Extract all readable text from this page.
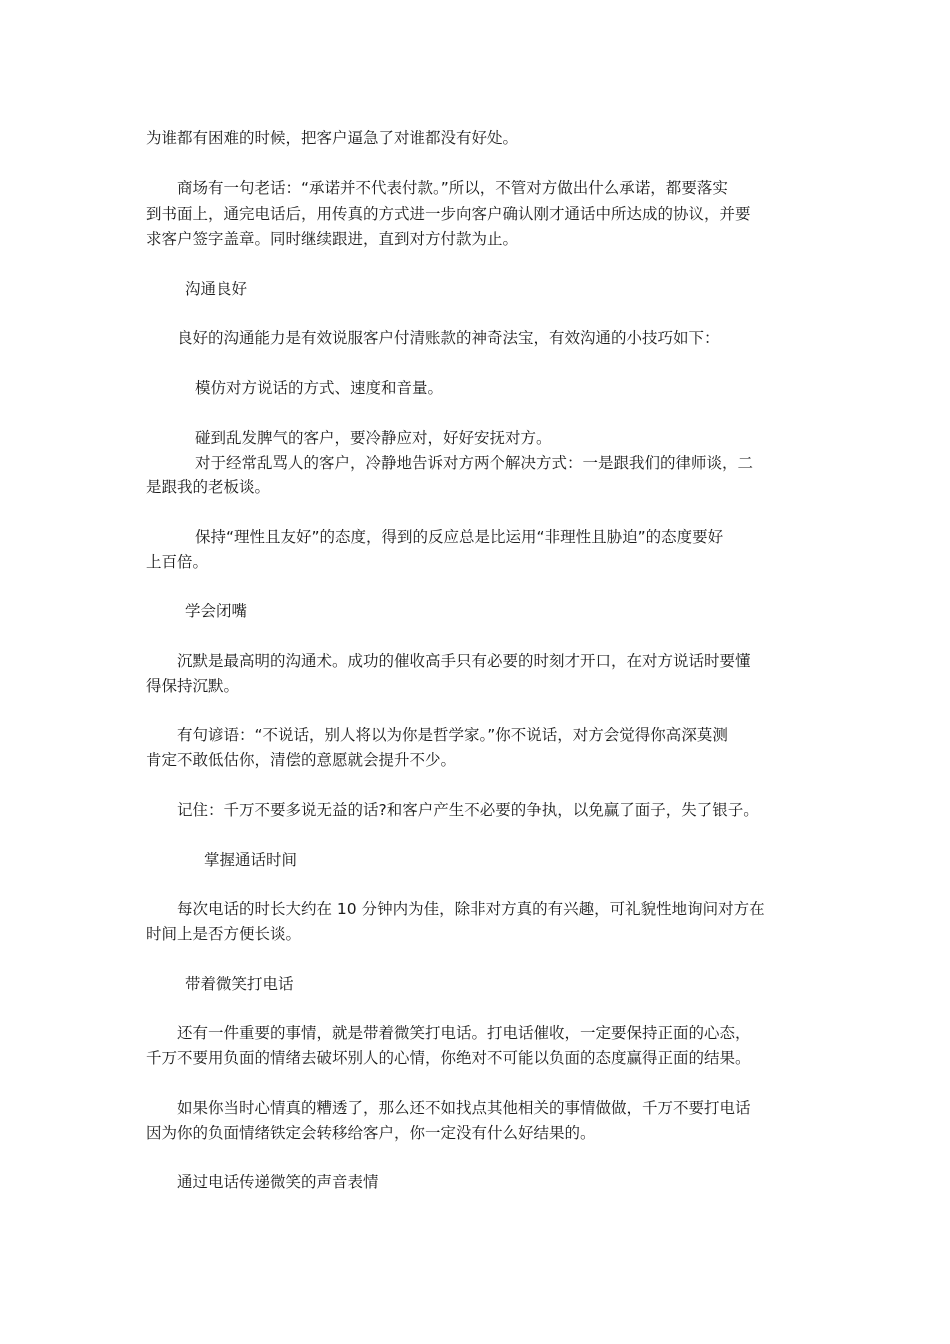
为谁都有困难的时候，把客户逼急了对谁都没有好处。
商场有一句老话：“承诺并不代表付款。”所以，不管对方做出什么承诺，都要落实
到书面上，通完电话后，用传真的方式进一步向客户确认刚才通话中所达成的协议，并要
求客户签字盖章。同时继续跟进，直到对方付款为止。
沟通良好
良好的沟通能力是有效说服客户付清账款的神奇法宝，有效沟通的小技巧如下：
模仿对方说话的方式、速度和音量。
碰到乱发脾气的客户，要冷静应对，好好安抚对方。
对于经常乱骂人的客户，冷静地告诉对方两个解决方式：一是跟我们的律师谈，二
是跟我的老板谈。
保持“理性且友好”的态度，得到的反应总是比运用“非理性且胁迫”的态度要好
上百倍。
学会闭嘴
沉默是最高明的沟通术。成功的催收高手只有必要的时刻才开口，在对方说话时要懂
得保持沉默。
有句谚语：“不说话，别人将以为你是哲学家。”你不说话，对方会觉得你高深莫测
肯定不敢低估你，清偿的意愿就会提升不少。
记住：千万不要多说无益的话?和客户产生不必要的争执，以免赢了面子，失了银子。
掌握通话时间
每次电话的时长大约在 10 分钟内为佳，除非对方真的有兴趣，可礼貌性地询问对方在
时间上是否方便长谈。
带着微笑打电话
还有一件重要的事情，就是带着微笑打电话。打电话催收，一定要保持正面的心态，
千万不要用负面的情绪去破坏别人的心情，你绝对不可能以负面的态度赢得正面的结果。
如果你当时心情真的糟透了，那么还不如找点其他相关的事情做做，千万不要打电话
因为你的负面情绪铁定会转移给客户，你一定没有什么好结果的。
通过电话传递微笑的声音表情
